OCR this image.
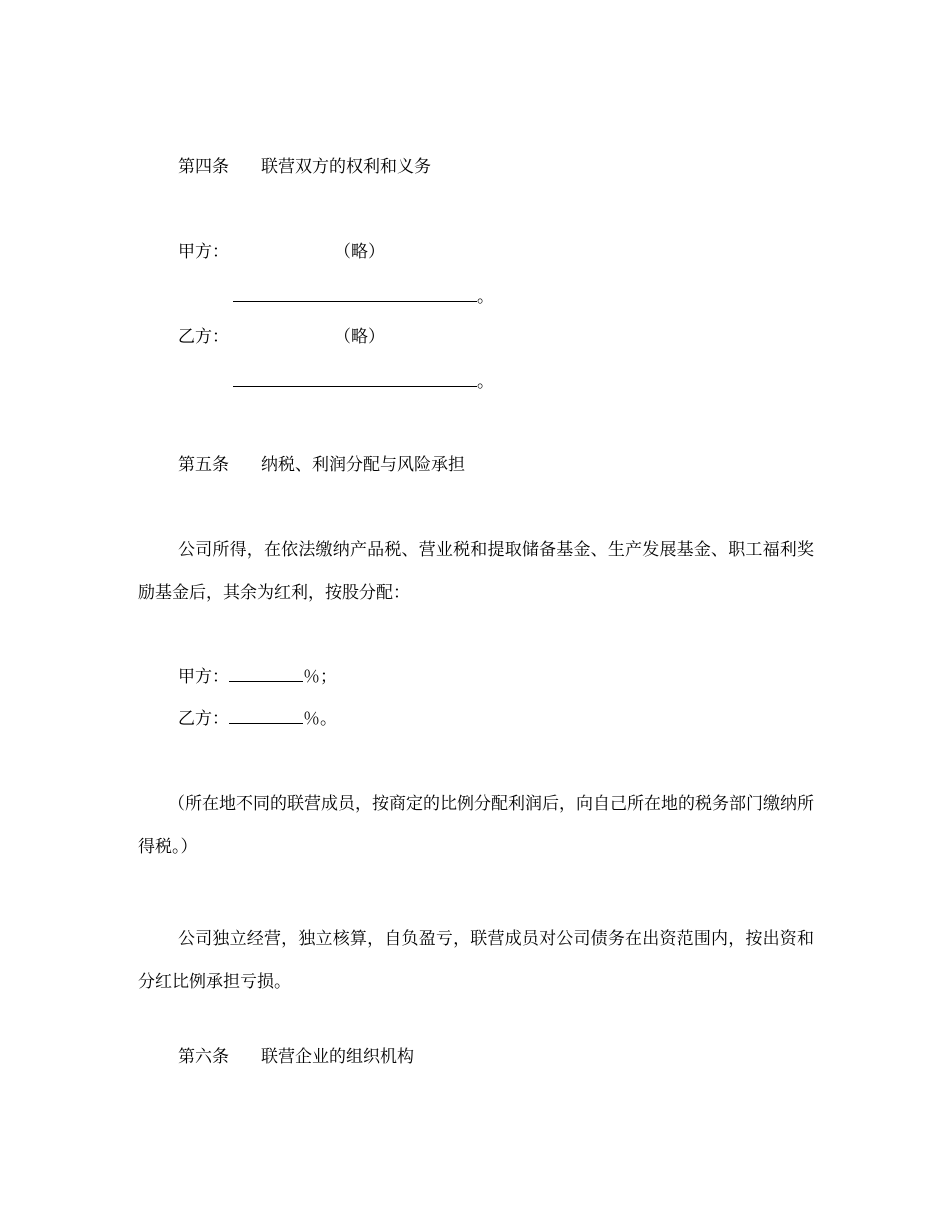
第四条 联营双方的权利和义务
甲方：	（略）
。
乙方：	（略）
。
第五条 纳税、利润分配与风险承担
公司所得，在依法缴纳产品税、营业税和提取储备基金、生产发展基金、职工福利奖励基金后，其余为红利，按股分配：
甲方：	％；
乙方：	％。
（所在地不同的联营成员，按商定的比例分配利润后，向自己所在地的税务部门缴纳所得税。）
公司独立经营，独立核算，自负盈亏，联营成员对公司债务在出资范围内，按出资和分红比例承担亏损。
第六条 联营企业的组织机构
